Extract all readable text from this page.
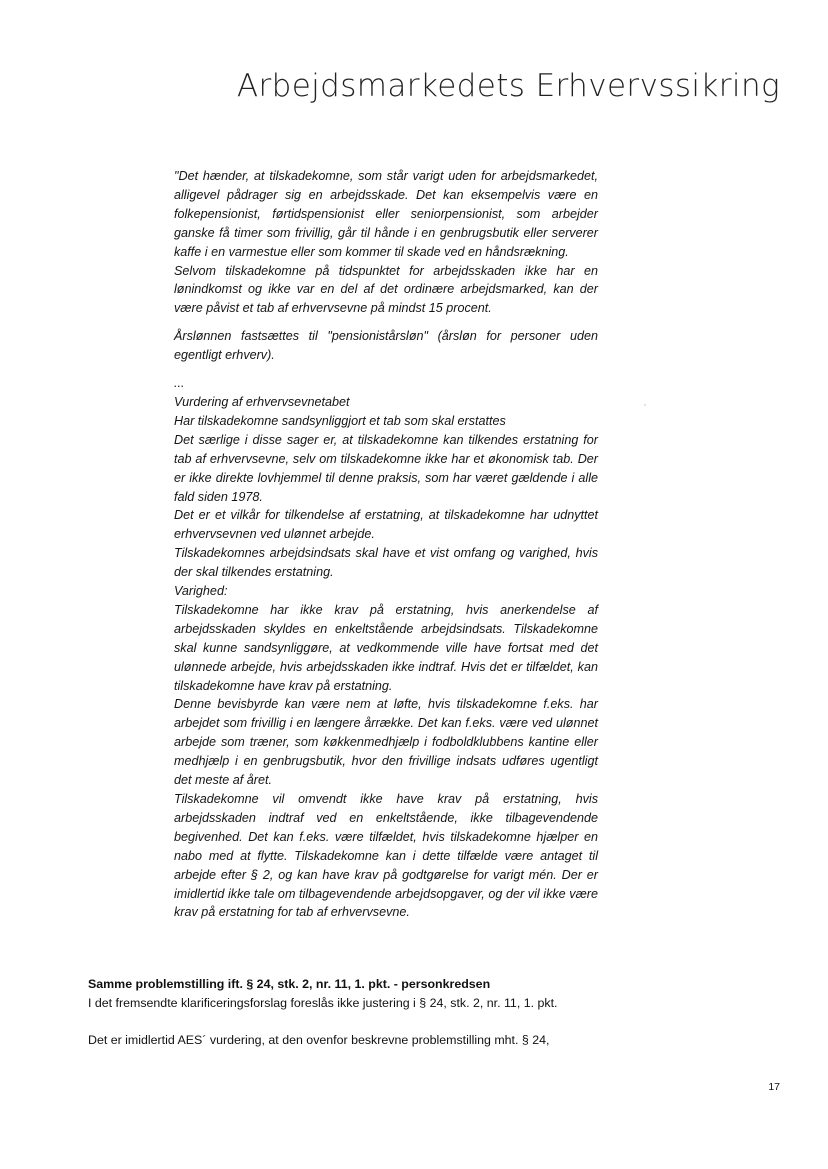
Arbejdsmarkedets Erhvervssikring

"Det hænder, at tilskadekomne, som står varigt uden for arbejdsmarkedet, alligevel pådrager sig en arbejdsskade. Det kan eksempelvis være en folkepensionist, førtidspensionist eller seniorpensionist, som arbejder ganske få timer som frivillig, går til hånde i en genbrugsbutik eller serverer kaffe i en varmestue eller som kommer til skade ved en håndsrækning.

Selvom tilskadekomne på tidspunktet for arbejdsskaden ikke har en lønindkomst og ikke var en del af det ordinære arbejdsmarked, kan der være påvist et tab af erhvervsevne på mindst 15 procent.

Årslønnen fastsættes til "pensionistårsløn" (årsløn for personer uden egentligt erhverv).

...

Vurdering af erhvervsevnetabet

Har tilskadekomne sandsynliggjort et tab som skal erstattes

Det særlige i disse sager er, at tilskadekomne kan tilkendes erstatning for tab af erhvervsevne, selv om tilskadekomne ikke har et økonomisk tab. Der er ikke direkte lovhjemmel til denne praksis, som har været gældende i alle fald siden 1978.

Det er et vilkår for tilkendelse af erstatning, at tilskadekomne har udnyttet erhvervsevnen ved ulønnet arbejde.

Tilskadekomnes arbejdsindsats skal have et vist omfang og varighed, hvis der skal tilkendes erstatning.

Varighed:

Tilskadekomne har ikke krav på erstatning, hvis anerkendelse af arbejdsskaden skyldes en enkeltstående arbejdsindsats. Tilskadekomne skal kunne sandsynliggøre, at vedkommende ville have fortsat med det ulønnede arbejde, hvis arbejdsskaden ikke indtraf. Hvis det er tilfældet, kan tilskadekomne have krav på erstatning.

Denne bevisbyrde kan være nem at løfte, hvis tilskadekomne f.eks. har arbejdet som frivillig i en længere årrække. Det kan f.eks. være ved ulønnet arbejde som træner, som køkkenmedhjælp i fodboldklubbens kantine eller medhjælp i en genbrugsbutik, hvor den frivillige indsats udføres ugentligt det meste af året.

Tilskadekomne vil omvendt ikke have krav på erstatning, hvis arbejdsskaden indtraf ved en enkeltstående, ikke tilbagevendende begivenhed. Det kan f.eks. være tilfældet, hvis tilskadekomne hjælper en nabo med at flytte. Tilskadekomne kan i dette tilfælde være antaget til arbejde efter § 2, og kan have krav på godtgørelse for varigt mén. Der er imidlertid ikke tale om tilbagevendende arbejdsopgaver, og der vil ikke være krav på erstatning for tab af erhvervsevne.

Samme problemstilling ift. § 24, stk. 2, nr. 11, 1. pkt. - personkredsen

I det fremsendte klarificeringsforslag foreslås ikke justering i § 24, stk. 2, nr. 11, 1. pkt.

Det er imidlertid AES´ vurdering, at den ovenfor beskrevne problemstilling mht. § 24,

17
